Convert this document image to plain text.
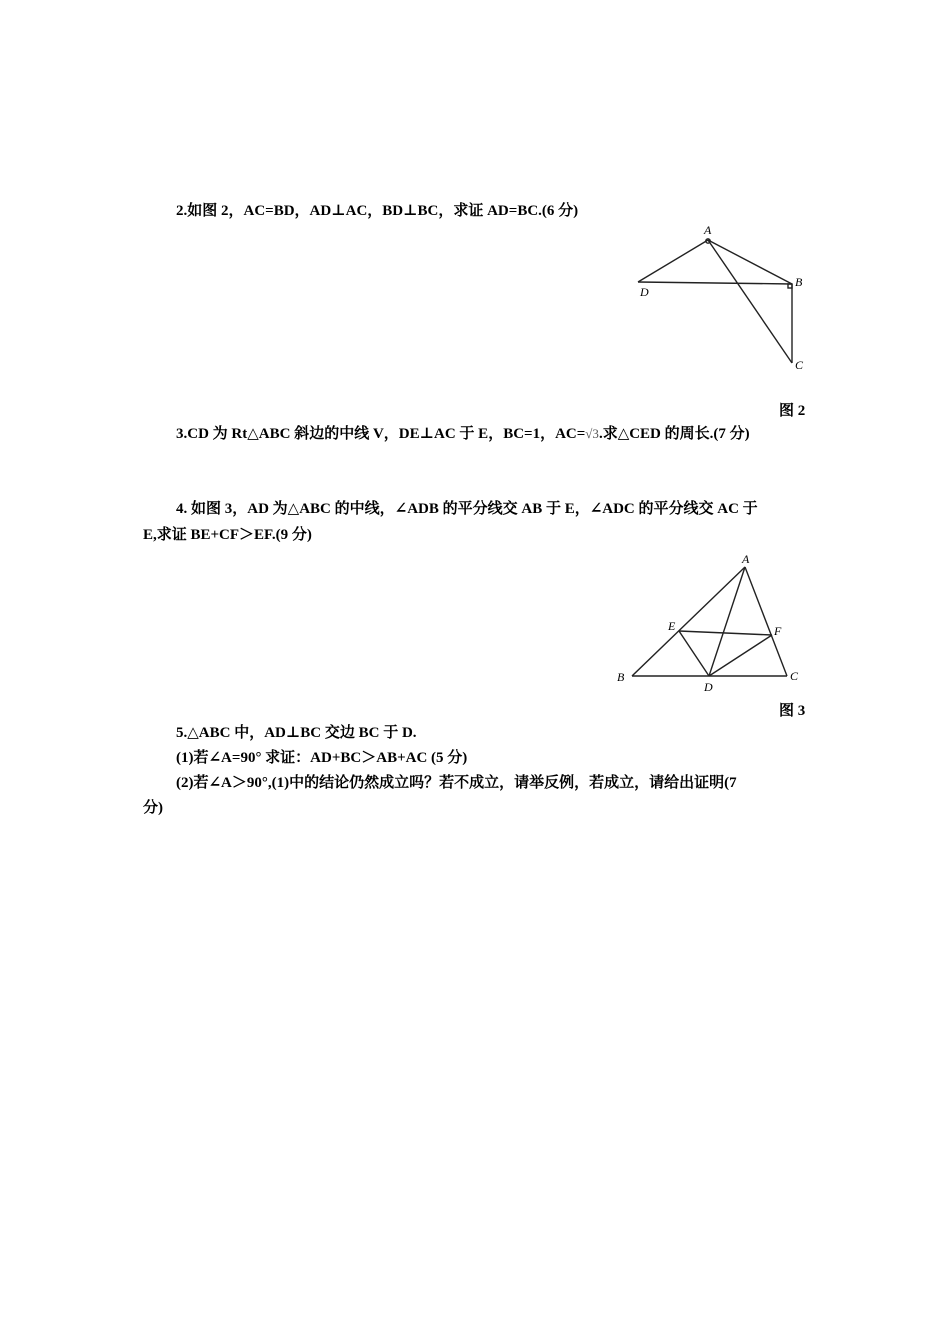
2.如图 2，AC=BD，AD⊥AC，BD⊥BC，求证 AD=BC.(6 分)
A
B
C
D
图 2
3.CD 为 Rt△ABC 斜边的中线 V，DE⊥AC 于 E，BC=1，AC=√3.求△CED 的周长.(7 分)
4. 如图 3，AD 为△ABC 的中线，∠ADB 的平分线交 AB 于 E，∠ADC 的平分线交 AC 于
E,求证 BE+CF＞EF.(9 分)
A
B	C
D
E	F
图 3
5.△ABC 中，AD⊥BC 交边 BC 于 D.
(1)若∠A=90° 求证：AD+BC＞AB+AC (5 分)
(2)若∠A＞90°,(1)中的结论仍然成立吗？若不成立，请举反例，若成立，请给出证明(7
分)
